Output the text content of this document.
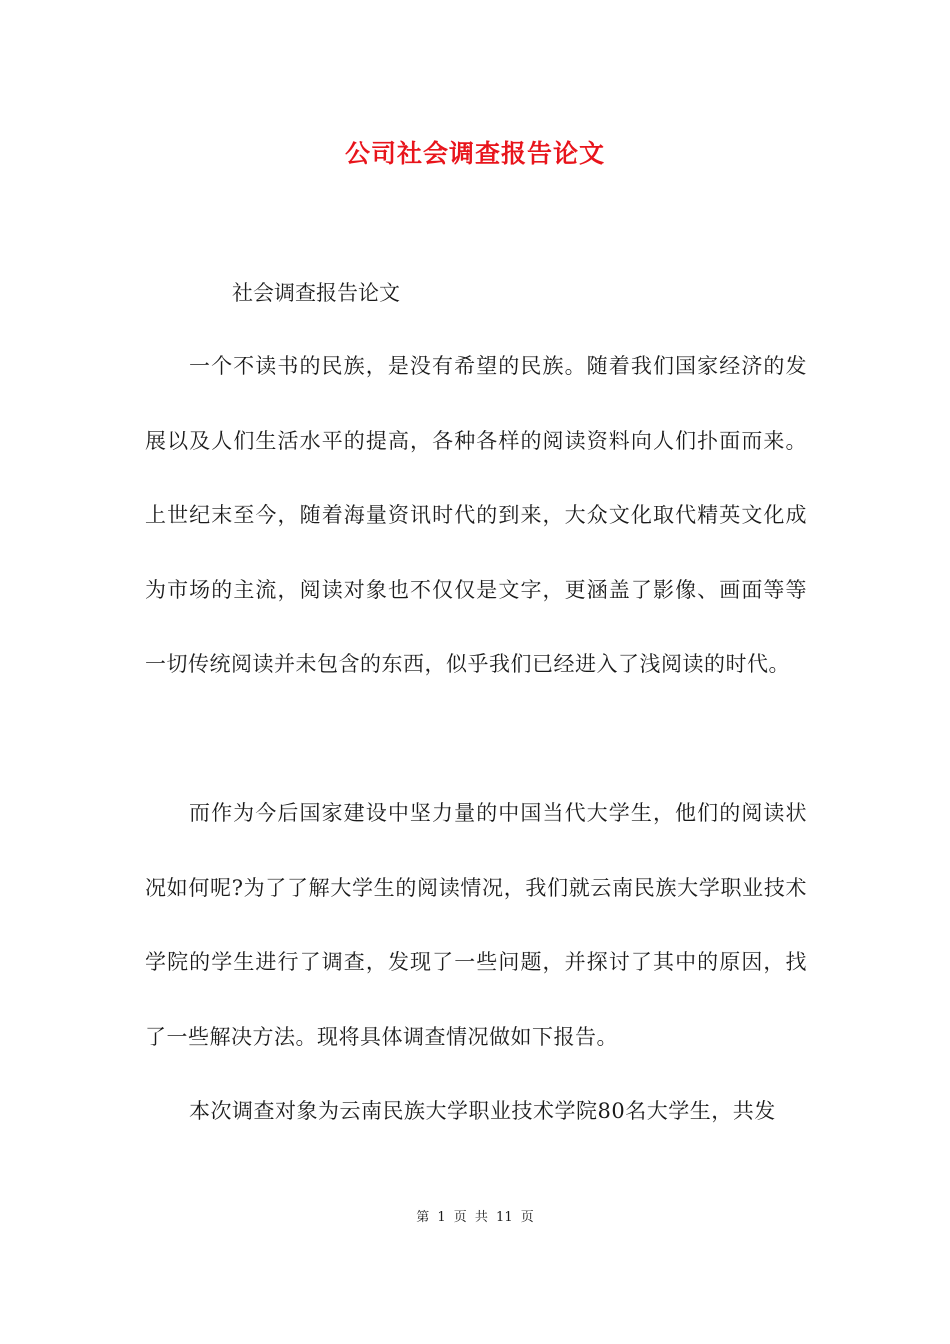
公司社会调查报告论文
社会调查报告论文

一个不读书的民族，是没有希望的民族。随着我们国家经济的发展以及人们生活水平的提高，各种各样的阅读资料向人们扑面而来。上世纪末至今，随着海量资讯时代的到来，大众文化取代精英文化成为市场的主流，阅读对象也不仅仅是文字，更涵盖了影像、画面等等一切传统阅读并未包含的东西，似乎我们已经进入了浅阅读的时代。

而作为今后国家建设中坚力量的中国当代大学生，他们的阅读状况如何呢?为了了解大学生的阅读情况，我们就云南民族大学职业技术学院的学生进行了调查，发现了一些问题，并探讨了其中的原因，找了一些解决方法。现将具体调查情况做如下报告。

本次调查对象为云南民族大学职业技术学院80名大学生，共发

第 1 页 共 11 页
